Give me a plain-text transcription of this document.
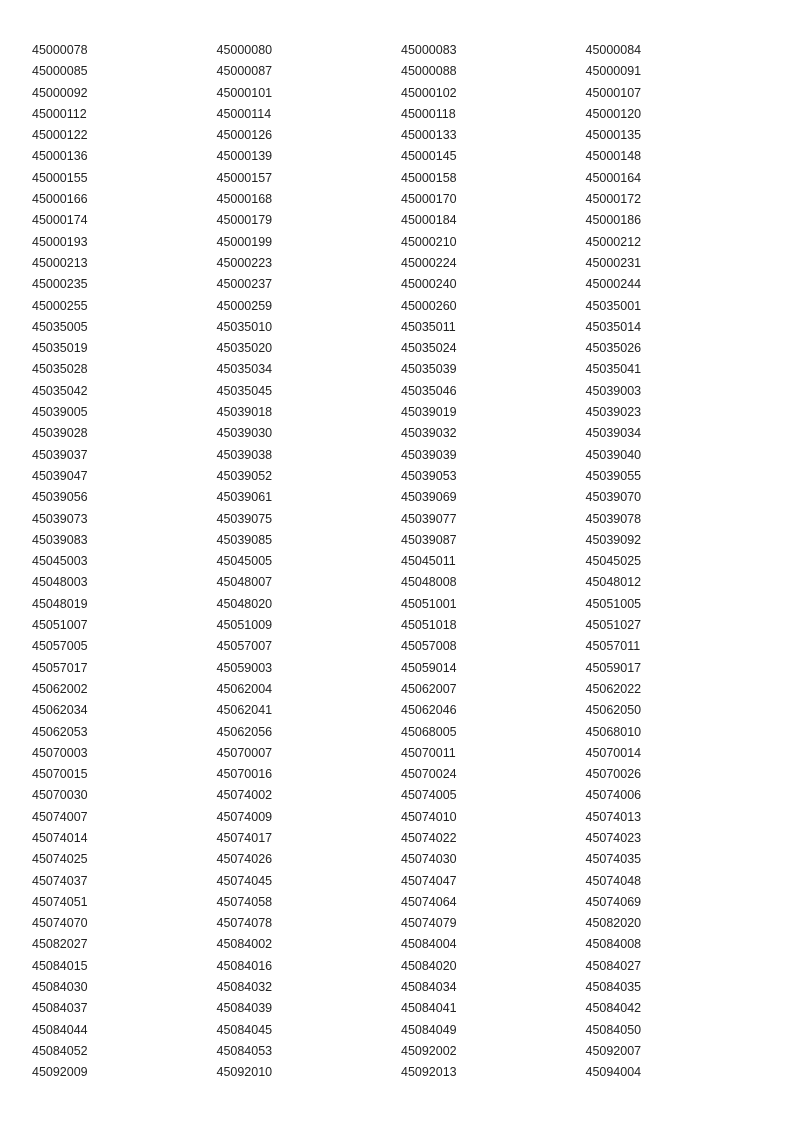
45000078	45000080	45000083	45000084
45000085	45000087	45000088	45000091
45000092	45000101	45000102	45000107
45000112	45000114	45000118	45000120
45000122	45000126	45000133	45000135
45000136	45000139	45000145	45000148
45000155	45000157	45000158	45000164
45000166	45000168	45000170	45000172
45000174	45000179	45000184	45000186
45000193	45000199	45000210	45000212
45000213	45000223	45000224	45000231
45000235	45000237	45000240	45000244
45000255	45000259	45000260	45035001
45035005	45035010	45035011	45035014
45035019	45035020	45035024	45035026
45035028	45035034	45035039	45035041
45035042	45035045	45035046	45039003
45039005	45039018	45039019	45039023
45039028	45039030	45039032	45039034
45039037	45039038	45039039	45039040
45039047	45039052	45039053	45039055
45039056	45039061	45039069	45039070
45039073	45039075	45039077	45039078
45039083	45039085	45039087	45039092
45045003	45045005	45045011	45045025
45048003	45048007	45048008	45048012
45048019	45048020	45051001	45051005
45051007	45051009	45051018	45051027
45057005	45057007	45057008	45057011
45057017	45059003	45059014	45059017
45062002	45062004	45062007	45062022
45062034	45062041	45062046	45062050
45062053	45062056	45068005	45068010
45070003	45070007	45070011	45070014
45070015	45070016	45070024	45070026
45070030	45074002	45074005	45074006
45074007	45074009	45074010	45074013
45074014	45074017	45074022	45074023
45074025	45074026	45074030	45074035
45074037	45074045	45074047	45074048
45074051	45074058	45074064	45074069
45074070	45074078	45074079	45082020
45082027	45084002	45084004	45084008
45084015	45084016	45084020	45084027
45084030	45084032	45084034	45084035
45084037	45084039	45084041	45084042
45084044	45084045	45084049	45084050
45084052	45084053	45092002	45092007
45092009	45092010	45092013	45094004
